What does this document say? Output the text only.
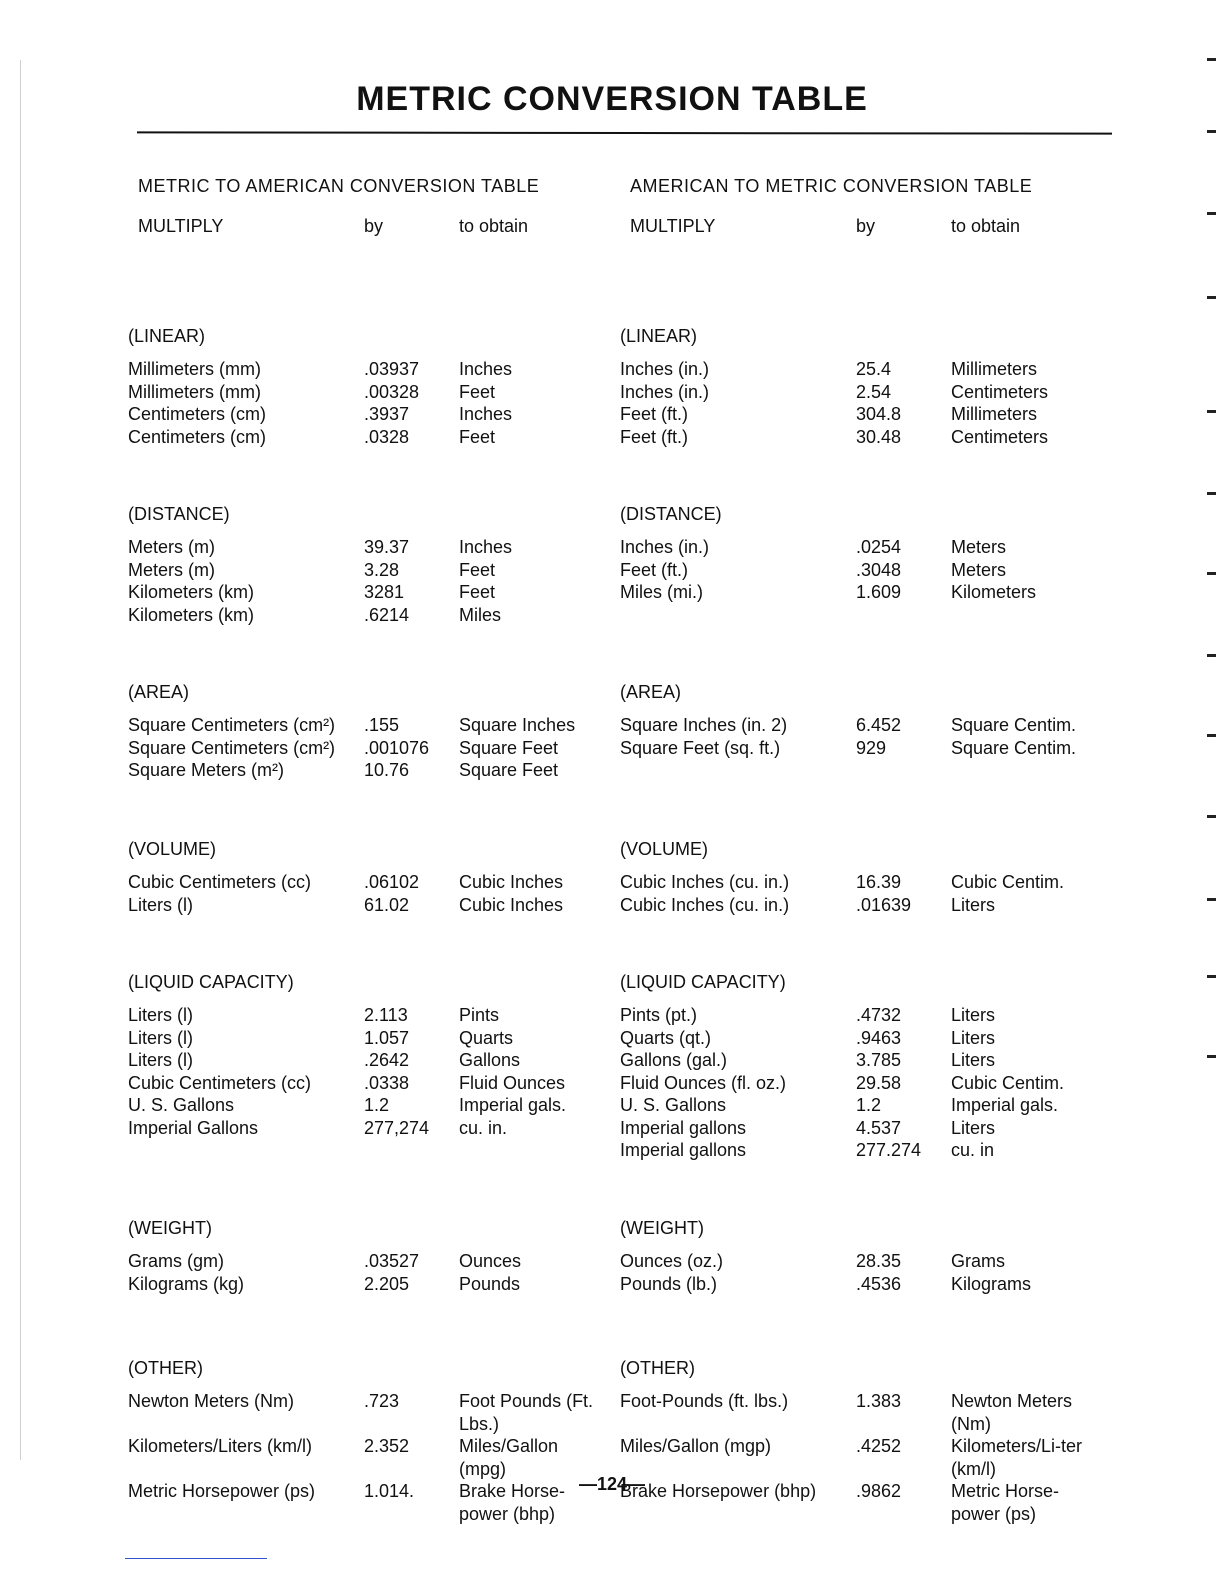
METRIC CONVERSION TABLE
METRIC TO AMERICAN CONVERSION TABLE
MULTIPLY	by	to obtain
(LINEAR)
Millimeters (mm)	.03937	Inches
Millimeters (mm)	.00328	Feet
Centimeters (cm)	.3937	Inches
Centimeters (cm)	.0328	Feet
(DISTANCE)
Meters (m)	39.37	Inches
Meters (m)	3.28	Feet
Kilometers (km)	3281	Feet
Kilometers (km)	.6214	Miles
(AREA)
Square Centimeters (cm²)	.155	Square Inches
Square Centimeters (cm²)	.001076	Square Feet
Square Meters (m²)	10.76	Square Feet
(VOLUME)
Cubic Centimeters (cc)	.06102	Cubic Inches
Liters (l)	61.02	Cubic Inches
(LIQUID CAPACITY)
Liters (l)	2.113	Pints
Liters (l)	1.057	Quarts
Liters (l)	.2642	Gallons
Cubic Centimeters (cc)	.0338	Fluid Ounces
U. S. Gallons	1.2	Imperial gals.
Imperial Gallons	277,274	cu. in.
(WEIGHT)
Grams (gm)	.03527	Ounces
Kilograms (kg)	2.205	Pounds
(OTHER)
Newton Meters (Nm)	.723	Foot Pounds (Ft. Lbs.)
Kilometers/Liters (km/l)	2.352	Miles/Gallon (mpg)
Metric Horsepower (ps)	1.014.	Brake Horse-power (bhp)
AMERICAN TO METRIC CONVERSION TABLE
MULTIPLY	by	to obtain
(LINEAR)
Inches (in.)	25.4	Millimeters
Inches (in.)	2.54	Centimeters
Feet (ft.)	304.8	Millimeters
Feet (ft.)	30.48	Centimeters
(DISTANCE)
Inches (in.)	.0254	Meters
Feet (ft.)	.3048	Meters
Miles (mi.)	1.609	Kilometers
(AREA)
Square Inches (in. 2)	6.452	Square Centim.
Square Feet (sq. ft.)	929	Square Centim.
(VOLUME)
Cubic Inches (cu. in.)	16.39	Cubic Centim.
Cubic Inches (cu. in.)	.01639	Liters
(LIQUID CAPACITY)
Pints (pt.)	.4732	Liters
Quarts (qt.)	.9463	Liters
Gallons (gal.)	3.785	Liters
Fluid Ounces (fl. oz.)	29.58	Cubic Centim.
U. S. Gallons	1.2	Imperial gals.
Imperial gallons	4.537	Liters
Imperial gallons	277.274	cu. in
(WEIGHT)
Ounces (oz.)	28.35	Grams
Pounds (lb.)	.4536	Kilograms
(OTHER)
Foot-Pounds (ft. lbs.)	1.383	Newton Meters (Nm)
Miles/Gallon (mgp)	.4252	Kilometers/Li-ter (km/l)
Brake Horsepower (bhp)	.9862	Metric Horse-power (ps)
—124—
